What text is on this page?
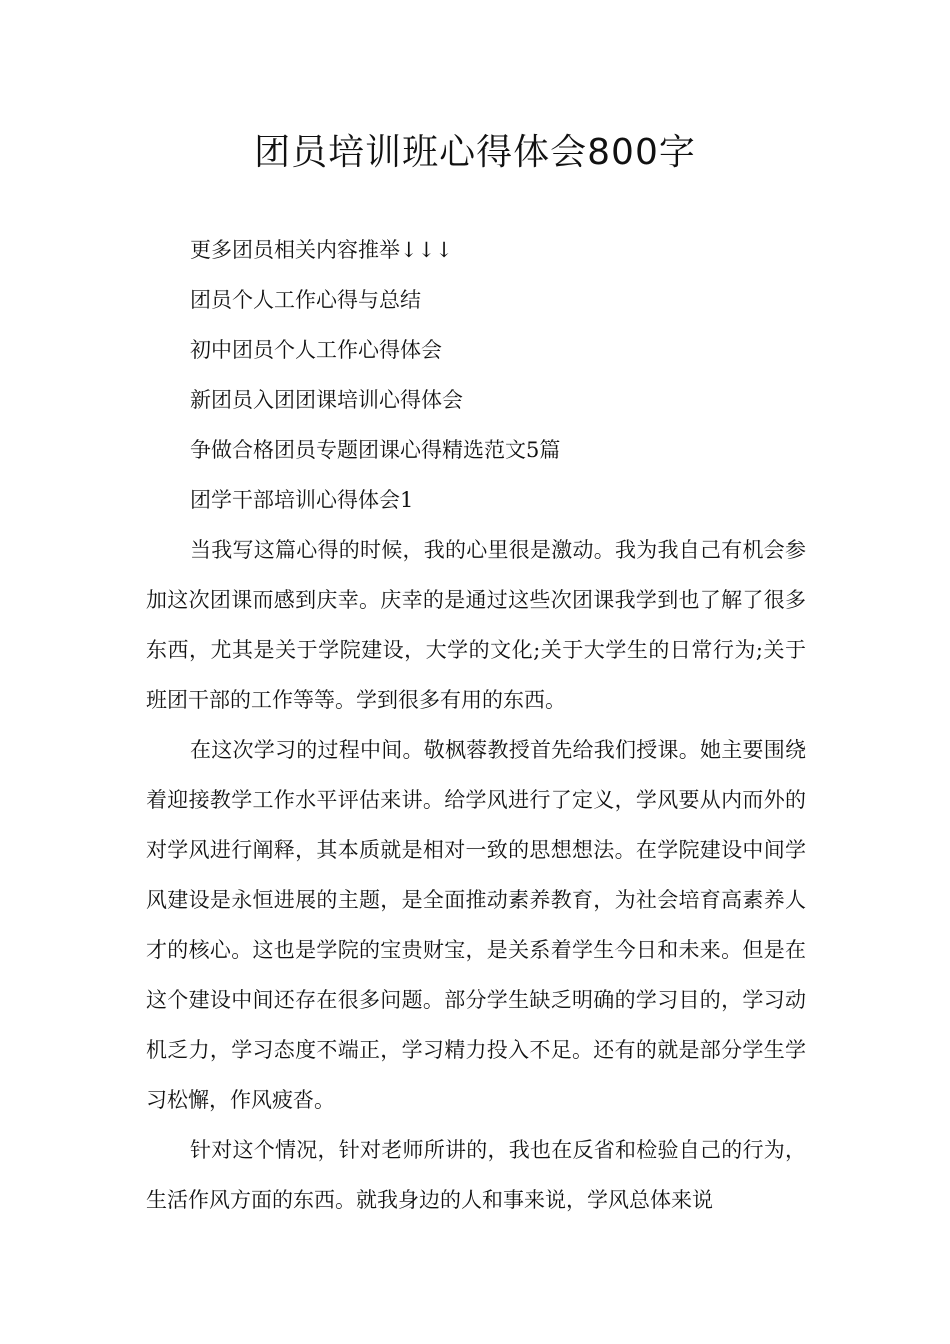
团员培训班心得体会800字
更多团员相关内容推举↓↓↓
团员个人工作心得与总结
初中团员个人工作心得体会
新团员入团团课培训心得体会
争做合格团员专题团课心得精选范文5篇
团学干部培训心得体会1

当我写这篇心得的时候，我的心里很是激动。我为我自己有机会参加这次团课而感到庆幸。庆幸的是通过这些次团课我学到也了解了很多东西，尤其是关于学院建设，大学的文化;关于大学生的日常行为;关于班团干部的工作等等。学到很多有用的东西。

在这次学习的过程中间。敬枫蓉教授首先给我们授课。她主要围绕着迎接教学工作水平评估来讲。给学风进行了定义，学风要从内而外的对学风进行阐释，其本质就是相对一致的思想想法。在学院建设中间学风建设是永恒进展的主题，是全面推动素养教育，为社会培育高素养人才的核心。这也是学院的宝贵财宝，是关系着学生今日和未来。但是在这个建设中间还存在很多问题。部分学生缺乏明确的学习目的，学习动机乏力，学习态度不端正，学习精力投入不足。还有的就是部分学生学习松懈，作风疲沓。

针对这个情况，针对老师所讲的，我也在反省和检验自己的行为，生活作风方面的东西。就我身边的人和事来说，学风总体来说
